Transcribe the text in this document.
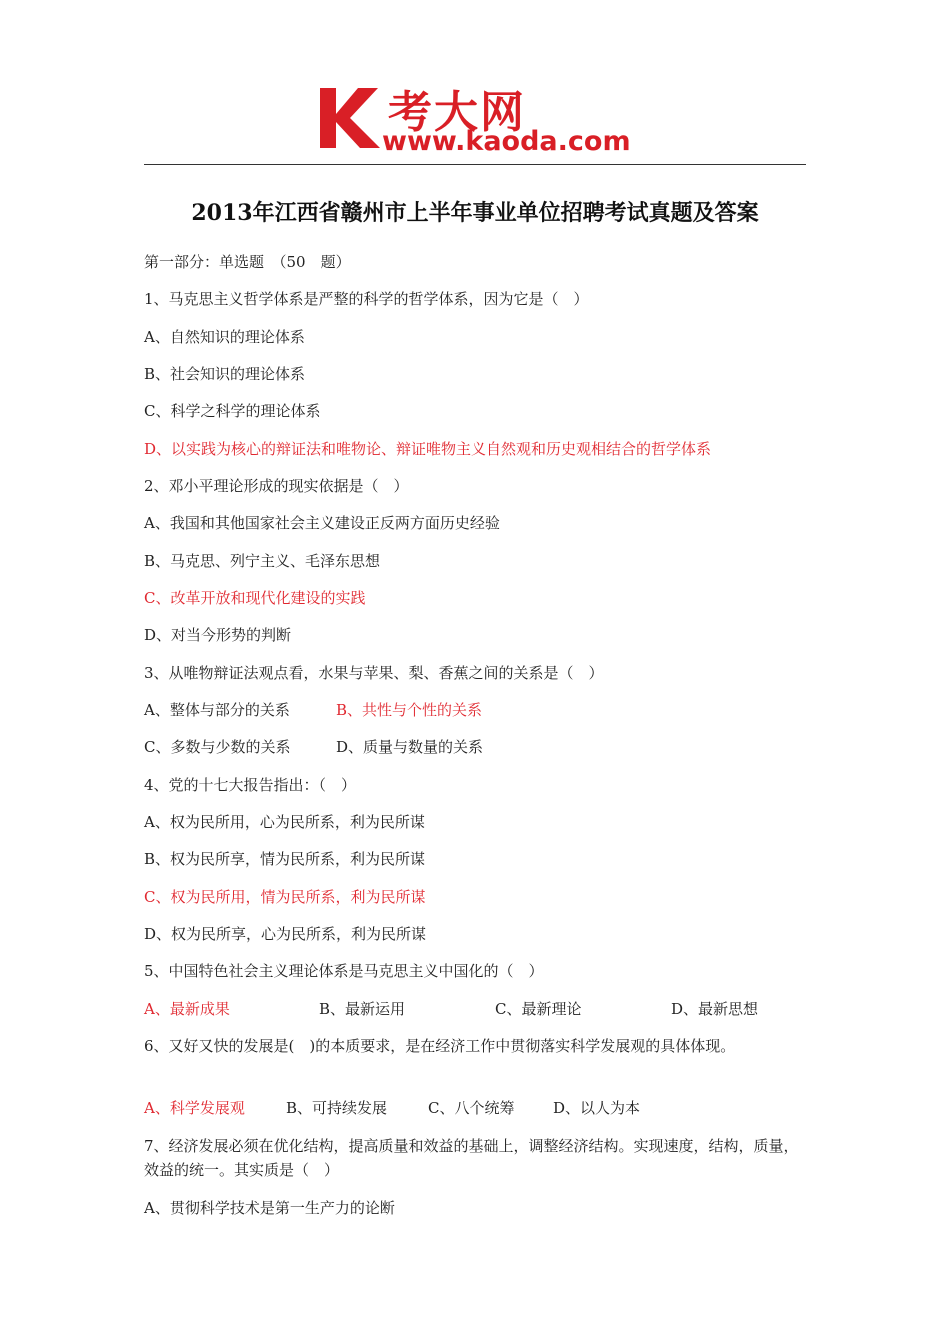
考大网
www.kaoda.com
2013年江西省赣州市上半年事业单位招聘考试真题及答案
第一部分：单选题　（50　题）
1、马克思主义哲学体系是严整的科学的哲学体系，因为它是（　）
A、自然知识的理论体系
B、社会知识的理论体系
C、科学之科学的理论体系
D、以实践为核心的辩证法和唯物论、辩证唯物主义自然观和历史观相结合的哲学体系
2、邓小平理论形成的现实依据是（　）
A、我国和其他国家社会主义建设正反两方面历史经验
B、马克思、列宁主义、毛泽东思想
C、改革开放和现代化建设的实践
D、对当今形势的判断
3、从唯物辩证法观点看，水果与苹果、梨、香蕉之间的关系是（　）
A、整体与部分的关系	B、共性与个性的关系
C、多数与少数的关系	D、质量与数量的关系
4、党的十七大报告指出：（　）
A、权为民所用，心为民所系，利为民所谋
B、权为民所享，情为民所系，利为民所谋
C、权为民所用，情为民所系，利为民所谋
D、权为民所享，心为民所系，利为民所谋
5、中国特色社会主义理论体系是马克思主义中国化的（　）
A、最新成果	B、最新运用	C、最新理论	D、最新思想
6、又好又快的发展是(　)的本质要求，是在经济工作中贯彻落实科学发展观的具体体现。
A、科学发展观	B、可持续发展	C、八个统筹	D、以人为本
7、经济发展必须在优化结构，提高质量和效益的基础上，调整经济结构。实现速度，结构，质量，效益的统一。其实质是（　）
A、贯彻科学技术是第一生产力的论断
